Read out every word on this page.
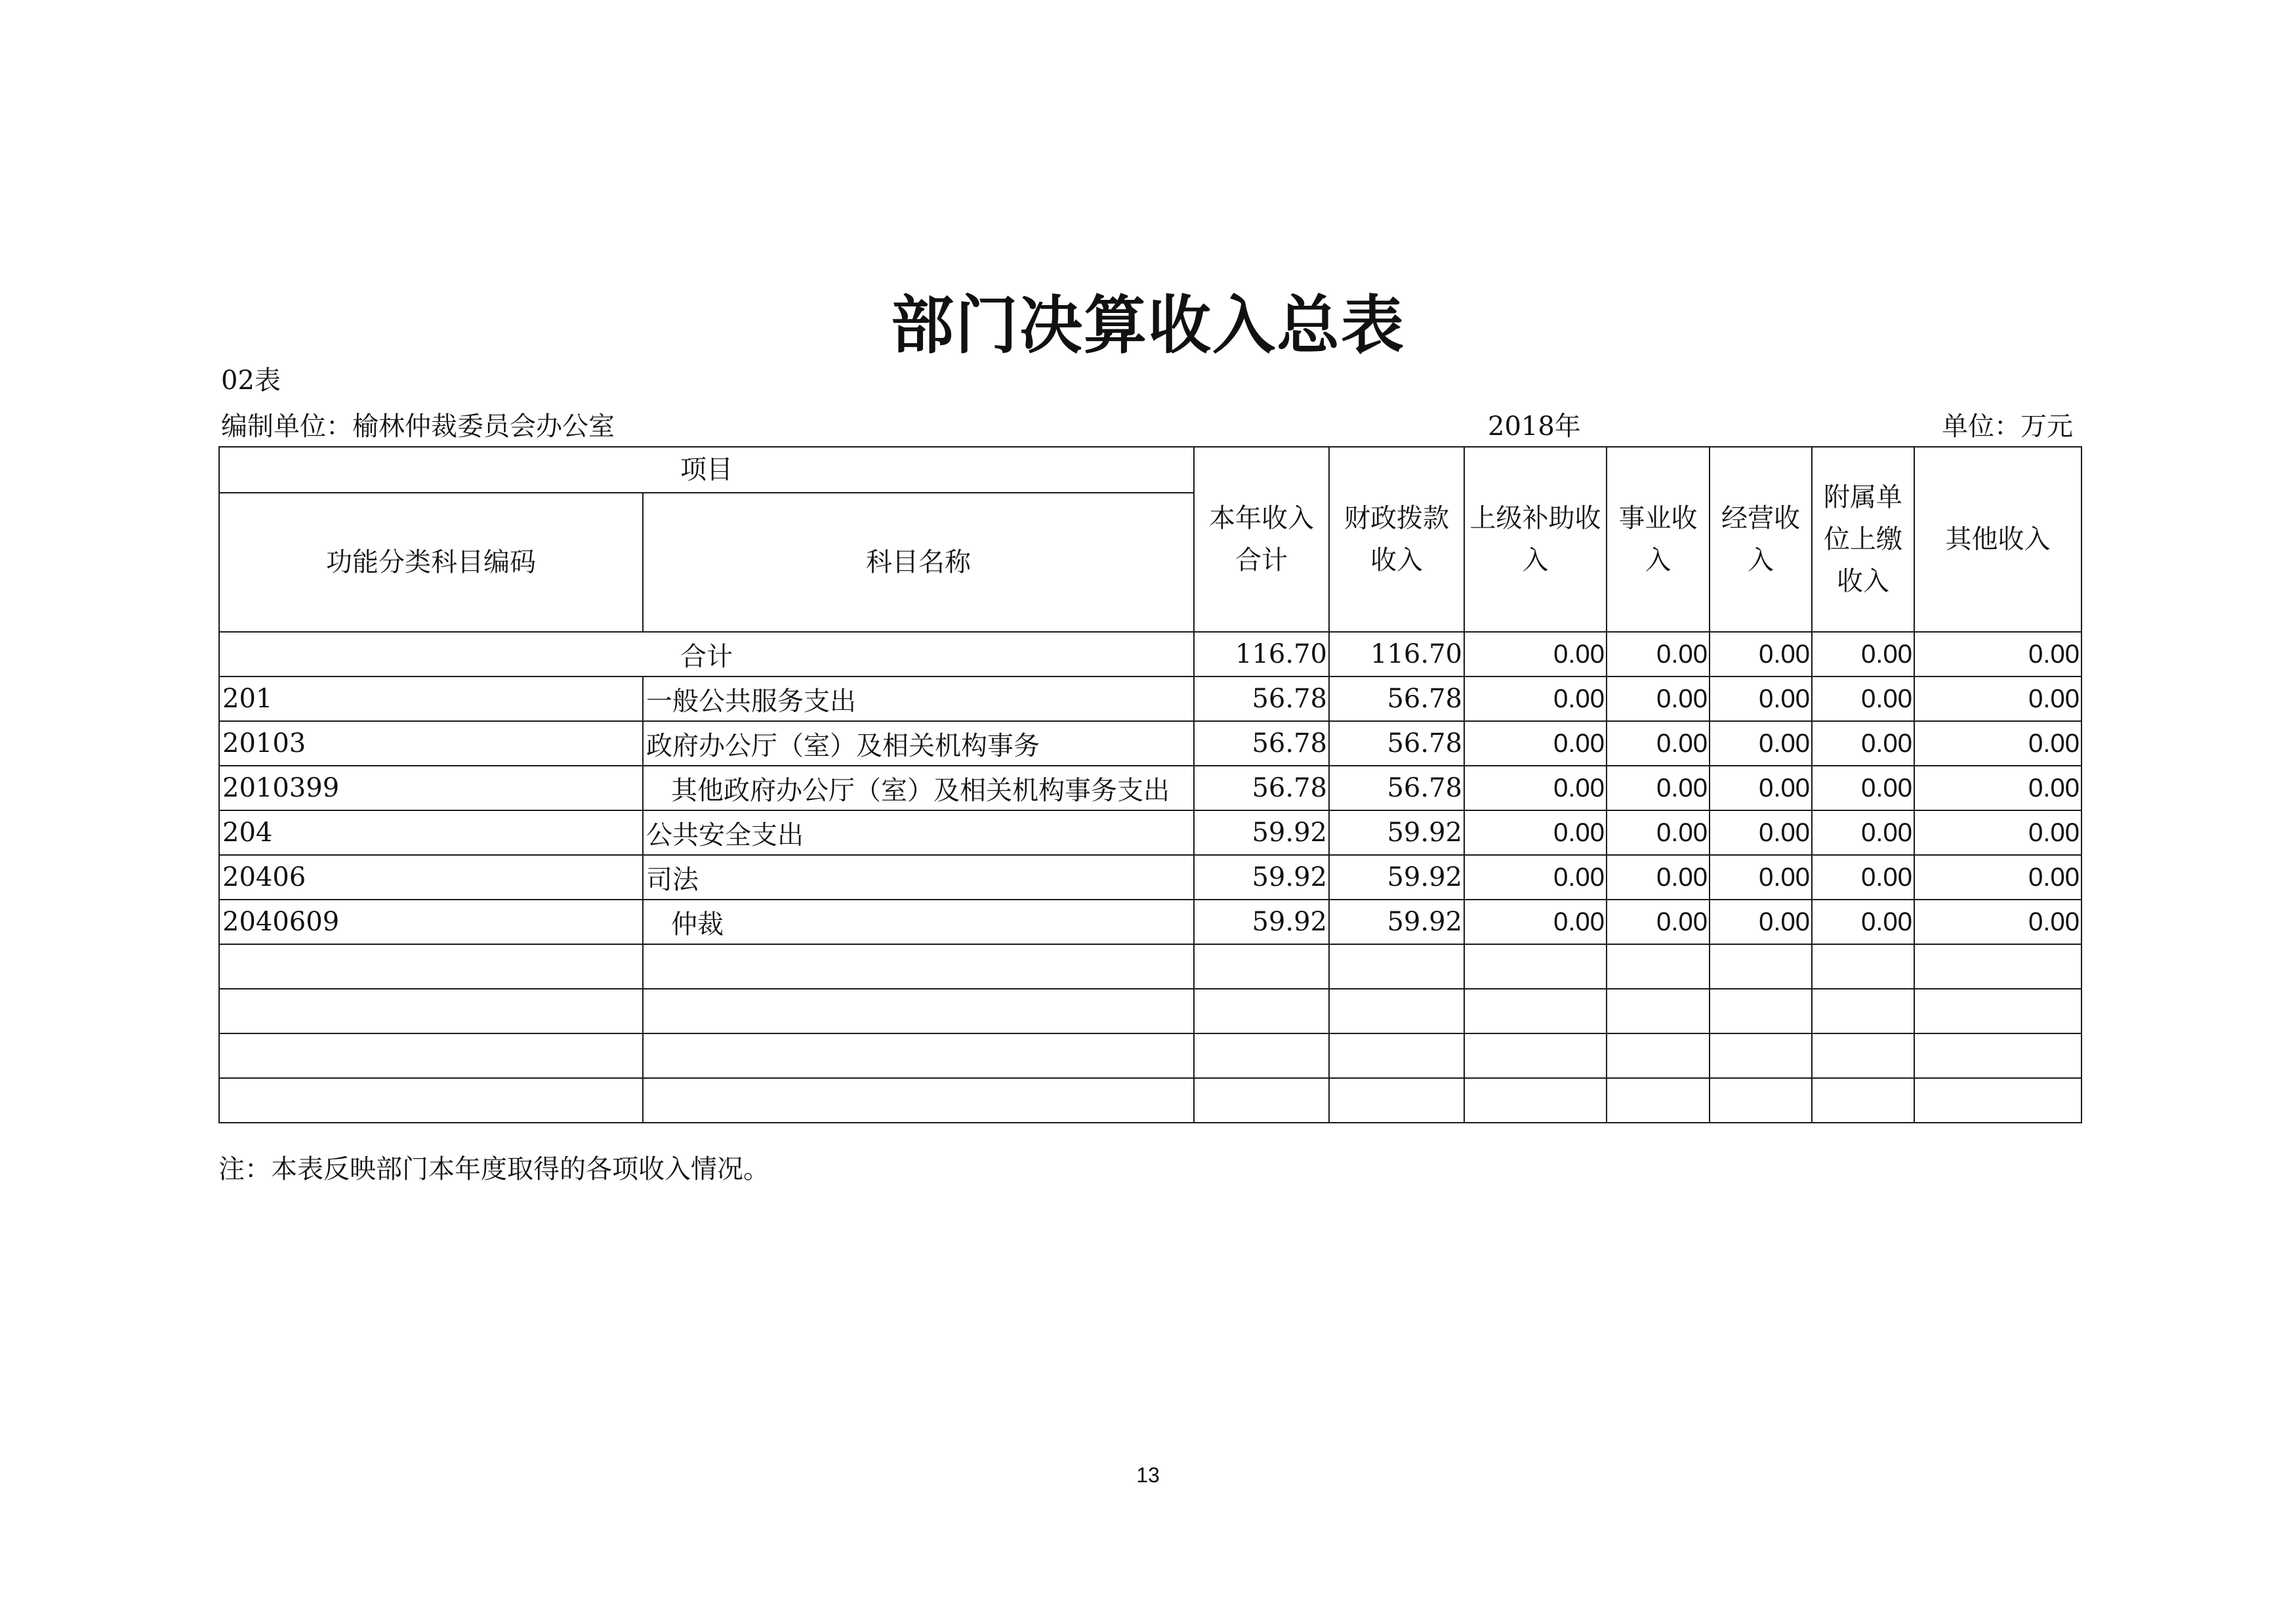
部门决算收入总表
02表
编制单位：榆林仲裁委员会办公室	2018年	单位：万元
项目		本年收入合计	财政拨款收入	上级补助收入	事业收入	经营收入	附属单位上缴收入	其他收入
功能分类科目编码	科目名称							
合计		116.70	116.70	0.00	0.00	0.00	0.00	0.00
201	一般公共服务支出	56.78	56.78	0.00	0.00	0.00	0.00	0.00
20103	政府办公厅（室）及相关机构事务	56.78	56.78	0.00	0.00	0.00	0.00	0.00
2010399	其他政府办公厅（室）及相关机构事务支出	56.78	56.78	0.00	0.00	0.00	0.00	0.00
204	公共安全支出	59.92	59.92	0.00	0.00	0.00	0.00	0.00
20406	司法	59.92	59.92	0.00	0.00	0.00	0.00	0.00
2040609	仲裁	59.92	59.92	0.00	0.00	0.00	0.00	0.00

注：本表反映部门本年度取得的各项收入情况。
13
